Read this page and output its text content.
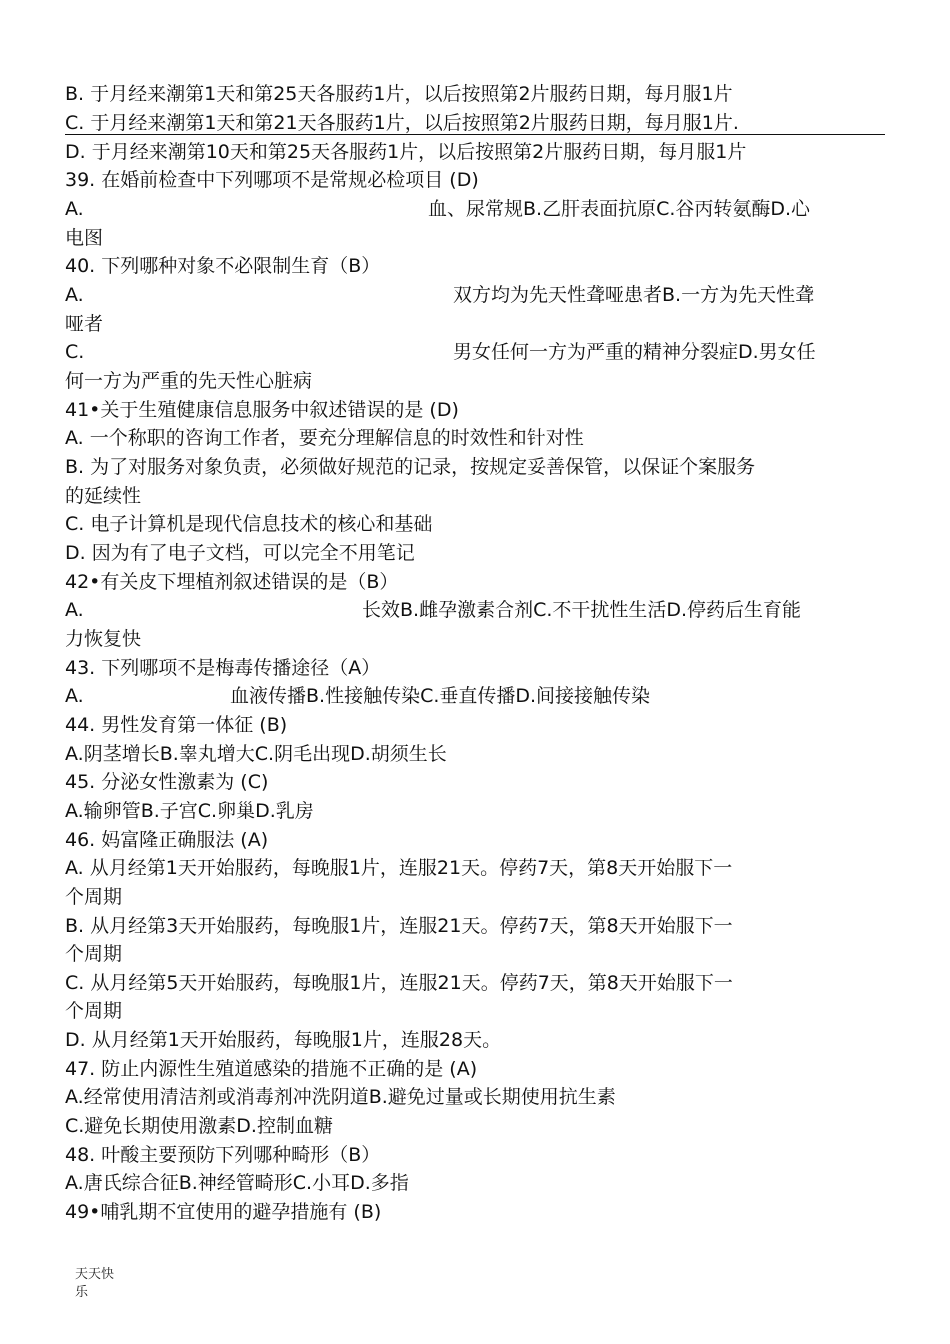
B. 于月经来潮第1天和第25天各服药1片，以后按照第2片服药日期，每月服1片
C. 于月经来潮第1天和第21天各服药1片，以后按照第2片服药日期，每月服1片.
D. 于月经来潮第10天和第25天各服药1片，以后按照第2片服药日期，每月服1片
39. 在婚前检查中下列哪项不是常规必检项目 (D)
A.	血、尿常规B.乙肝表面抗原C.谷丙转氨酶D.心
电图
40. 下列哪种对象不必限制生育（B）
A.	双方均为先天性聋哑患者B.一方为先天性聋
哑者
C.	男女任何一方为严重的精神分裂症D.男女任
何一方为严重的先天性心脏病
41•关于生殖健康信息服务中叙述错误的是 (D)
A. 一个称职的咨询工作者，要充分理解信息的时效性和针对性
B. 为了对服务对象负责，必须做好规范的记录，按规定妥善保管，以保证个案服务
的延续性
C. 电子计算机是现代信息技术的核心和基础
D. 因为有了电子文档，可以完全不用笔记
42•有关皮下埋植剂叙述错误的是（B）
A.	长效B.雌孕激素合剂C.不干扰性生活D.停药后生育能
力恢复快
43. 下列哪项不是梅毒传播途径（A）
A.	血液传播B.性接触传染C.垂直传播D.间接接触传染
44. 男性发育第一体征 (B)
A.阴茎增长B.睾丸增大C.阴毛出现D.胡须生长
45. 分泌女性激素为 (C)
A.输卵管B.子宫C.卵巢D.乳房
46. 妈富隆正确服法 (A)
A. 从月经第1天开始服药，每晚服1片，连服21天。停药7天，第8天开始服下一
个周期
B. 从月经第3天开始服药，每晚服1片，连服21天。停药7天，第8天开始服下一
个周期
C. 从月经第5天开始服药，每晚服1片，连服21天。停药7天，第8天开始服下一
个周期
D. 从月经第1天开始服药，每晚服1片，连服28天。
47. 防止内源性生殖道感染的措施不正确的是 (A)
A.经常使用清洁剂或消毒剂冲洗阴道B.避免过量或长期使用抗生素
C.避免长期使用激素D.控制血糖
48. 叶酸主要预防下列哪种畸形（B）
A.唐氏综合征B.神经管畸形C.小耳D.多指
49•哺乳期不宜使用的避孕措施有 (B)
天天快
乐
